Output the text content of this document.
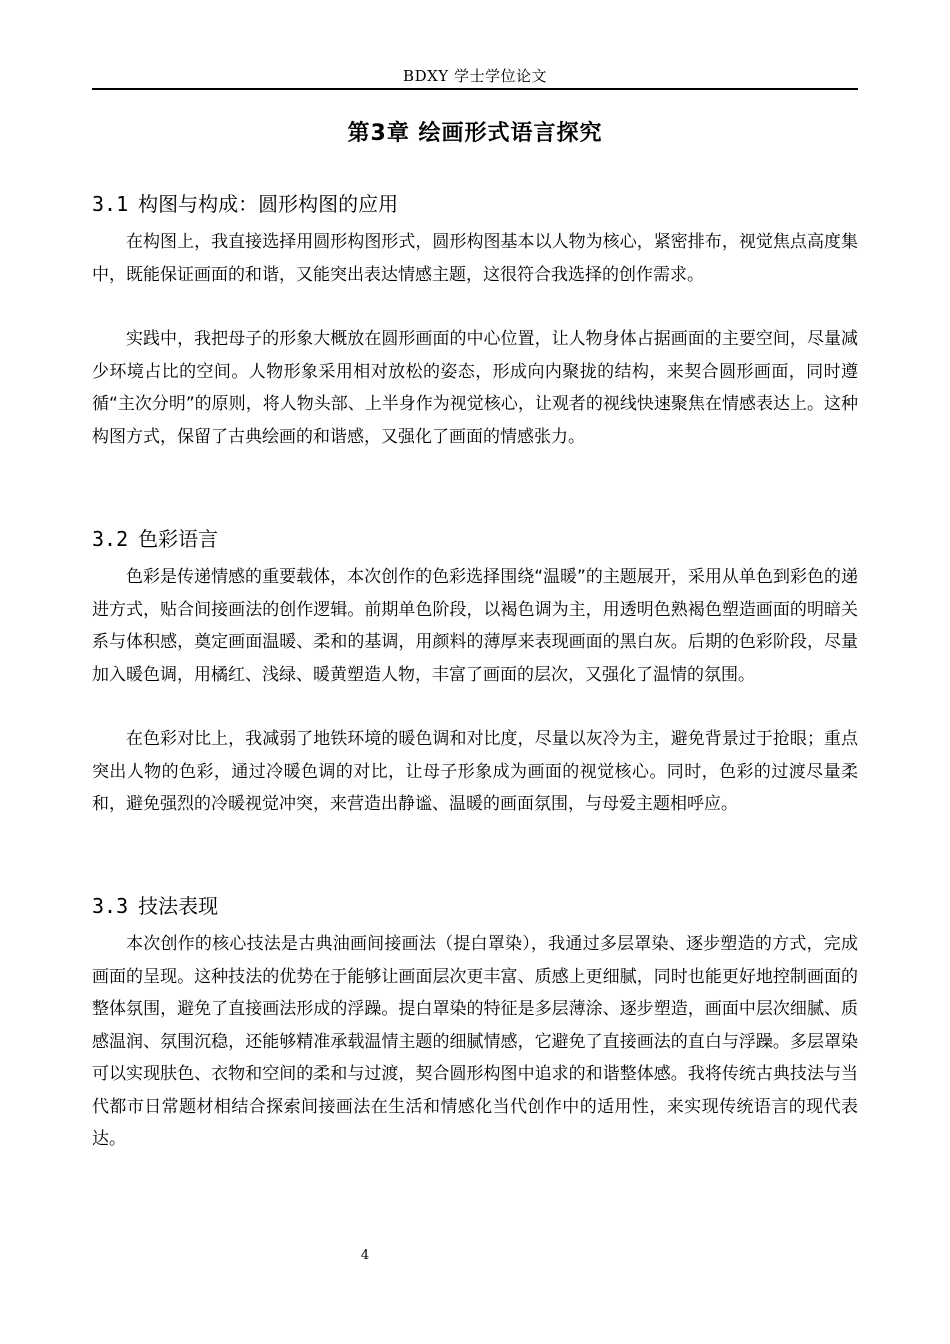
BDXY 学士学位论文
第3章 绘画形式语言探究
3.1 构图与构成：圆形构图的应用

在构图上，我直接选择用圆形构图形式，圆形构图基本以人物为核心，紧密排布，视觉焦点高度集中，既能保证画面的和谐，又能突出表达情感主题，这很符合我选择的创作需求。

实践中，我把母子的形象大概放在圆形画面的中心位置，让人物身体占据画面的主要空间，尽量减少环境占比的空间。人物形象采用相对放松的姿态，形成向内聚拢的结构，来契合圆形画面，同时遵循“主次分明”的原则，将人物头部、上半身作为视觉核心，让观者的视线快速聚焦在情感表达上。这种构图方式，保留了古典绘画的和谐感，又强化了画面的情感张力。

3.2 色彩语言

色彩是传递情感的重要载体，本次创作的色彩选择围绕“温暖”的主题展开，采用从单色到彩色的递进方式，贴合间接画法的创作逻辑。前期单色阶段，以褐色调为主，用透明色熟褐色塑造画面的明暗关系与体积感，奠定画面温暖、柔和的基调，用颜料的薄厚来表现画面的黑白灰。后期的色彩阶段，尽量加入暖色调，用橘红、浅绿、暖黄塑造人物，丰富了画面的层次，又强化了温情的氛围。

在色彩对比上，我减弱了地铁环境的暖色调和对比度，尽量以灰冷为主，避免背景过于抢眼；重点突出人物的色彩，通过冷暖色调的对比，让母子形象成为画面的视觉核心。同时，色彩的过渡尽量柔和，避免强烈的冷暖视觉冲突，来营造出静谧、温暖的画面氛围，与母爱主题相呼应。

3.3 技法表现

本次创作的核心技法是古典油画间接画法（提白罩染），我通过多层罩染、逐步塑造的方式，完成画面的呈现。这种技法的优势在于能够让画面层次更丰富、质感上更细腻，同时也能更好地控制画面的整体氛围，避免了直接画法形成的浮躁。提白罩染的特征是多层薄涂、逐步塑造，画面中层次细腻、质感温润、氛围沉稳，还能够精准承载温情主题的细腻情感，它避免了直接画法的直白与浮躁。多层罩染可以实现肤色、衣物和空间的柔和与过渡，契合圆形构图中追求的和谐整体感。我将传统古典技法与当代都市日常题材相结合探索间接画法在生活和情感化当代创作中的适用性，来实现传统语言的现代表达。

4
